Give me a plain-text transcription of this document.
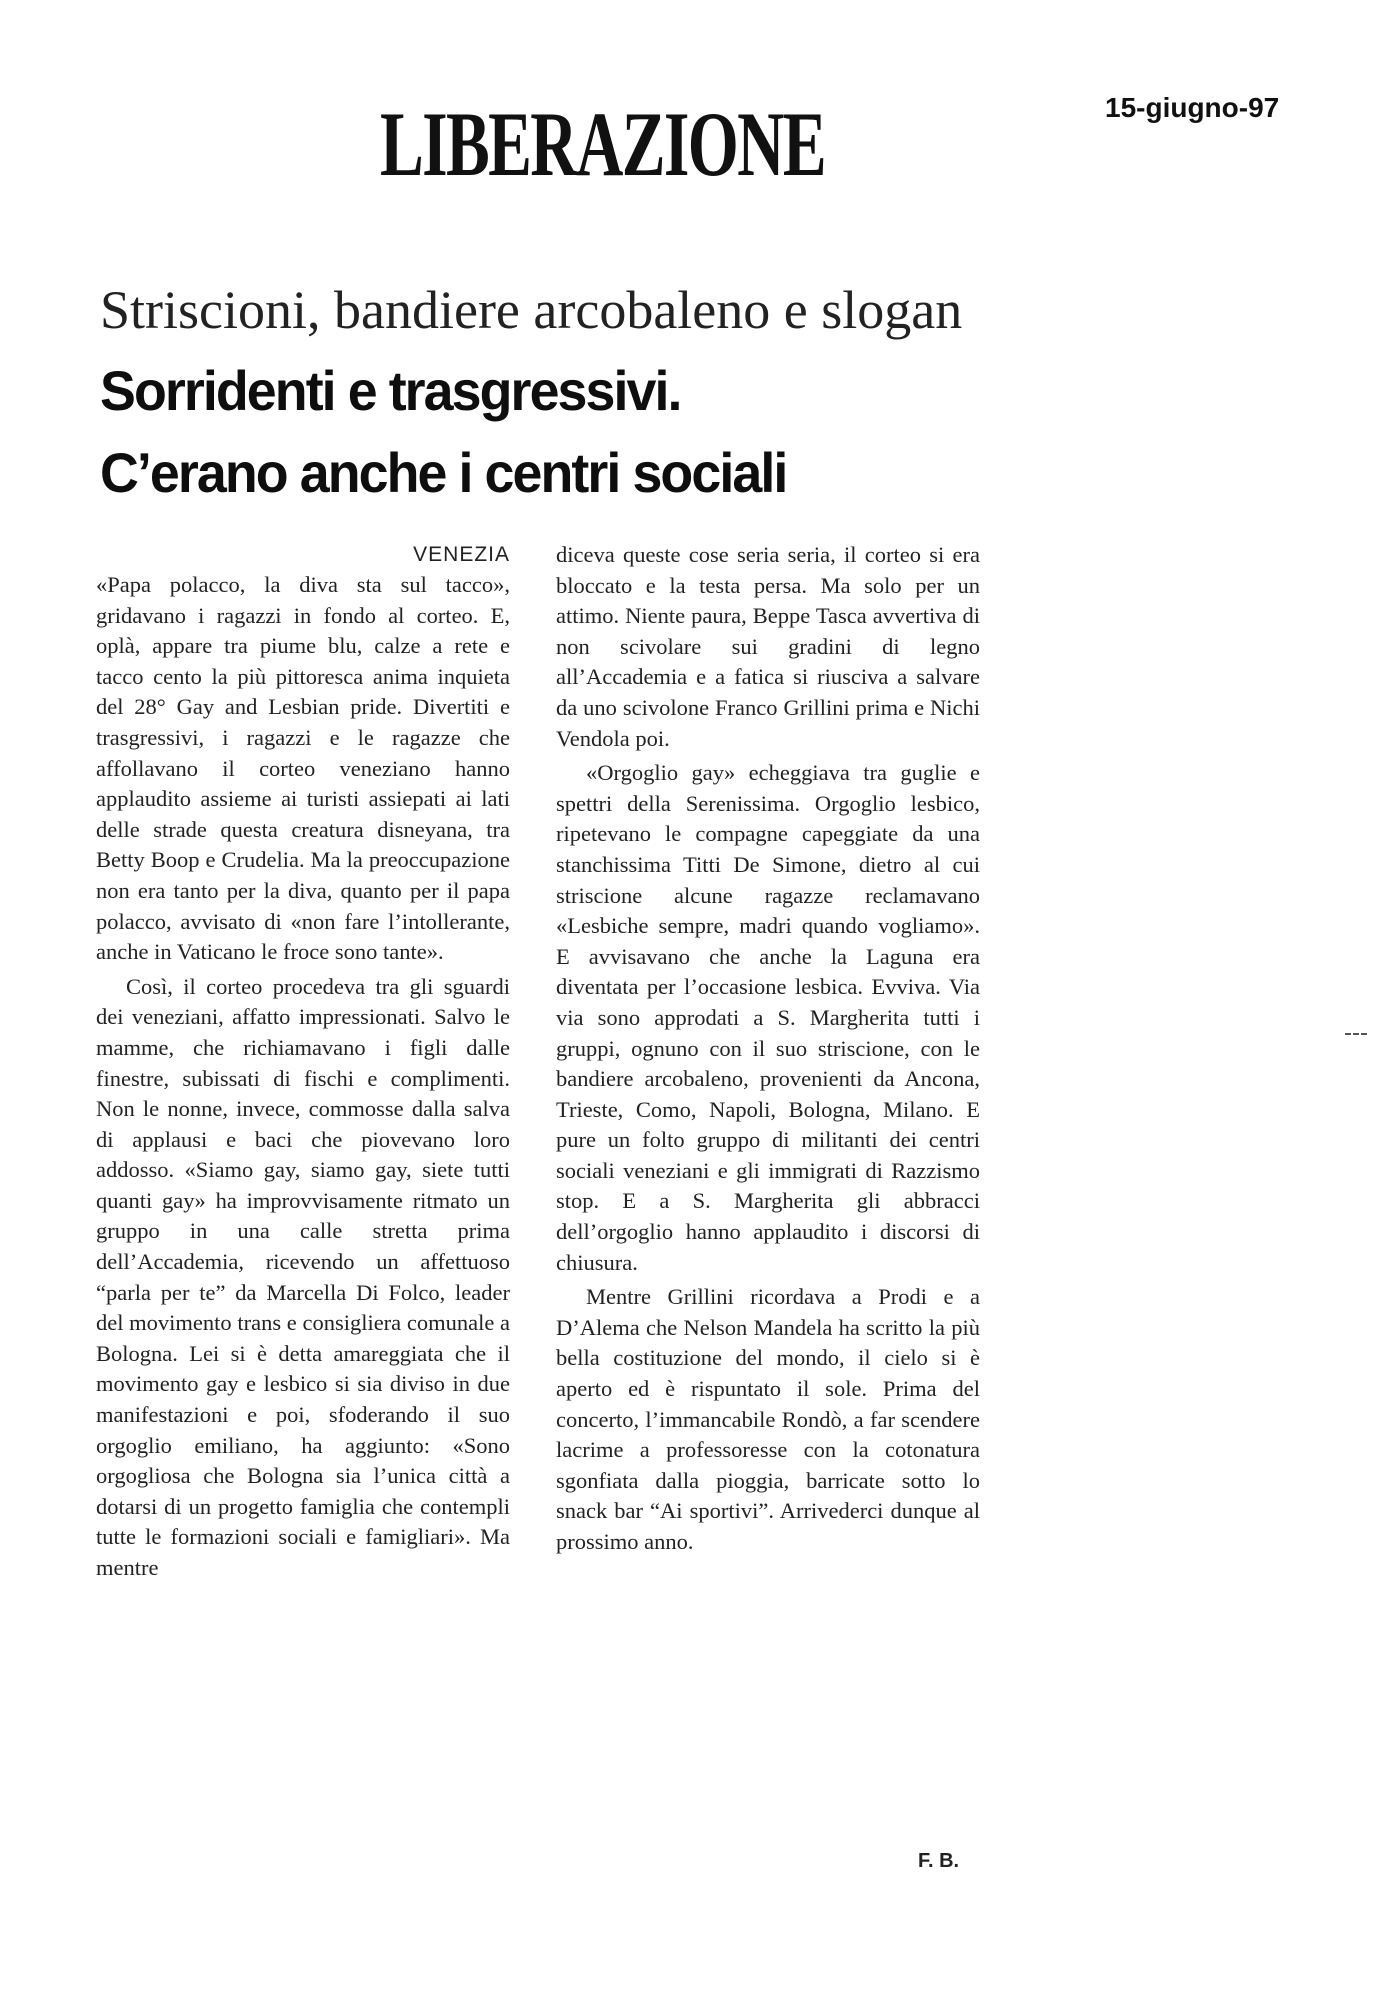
LIBERAZIONE	15-giugno-97
Striscioni, bandiere arcobaleno e slogan
Sorridenti e trasgressivi.
C’erano anche i centri sociali
VENEZIA

«Papa polacco, la diva sta sul tacco», gridavano i ragazzi in fondo al corteo. E, oplà, appare tra piume blu, calze a rete e tacco cento la più pittoresca anima inquieta del 28° Gay and Lesbian pride. Divertiti e trasgressivi, i ragazzi e le ragazze che affollavano il corteo veneziano hanno applaudito assieme ai turisti assiepati ai lati delle strade questa creatura disneyana, tra Betty Boop e Crudelia. Ma la preoccupazione non era tanto per la diva, quanto per il papa polacco, avvisato di «non fare l’intollerante, anche in Vaticano le froce sono tante».

Così, il corteo procedeva tra gli sguardi dei veneziani, affatto impressionati. Salvo le mamme, che richiamavano i figli dalle finestre, subissati di fischi e complimenti. Non le nonne, invece, commosse dalla salva di applausi e baci che piovevano loro addosso. «Siamo gay, siamo gay, siete tutti quanti gay» ha improvvisamente ritmato un gruppo in una calle stretta prima dell’Accademia, ricevendo un affettuoso “parla per te” da Marcella Di Folco, leader del movimento trans e consigliera comunale a Bologna. Lei si è detta amareggiata che il movimento gay e lesbico si sia diviso in due manifestazioni e poi, sfoderando il suo orgoglio emiliano, ha aggiunto: «Sono orgogliosa che Bologna sia l’unica città a dotarsi di un progetto famiglia che contempli tutte le formazioni sociali e famigliari». Ma mentre

diceva queste cose seria seria, il corteo si era bloccato e la testa persa. Ma solo per un attimo. Niente paura, Beppe Tasca avvertiva di non scivolare sui gradini di legno all’Accademia e a fatica si riusciva a salvare da uno scivolone Franco Grillini prima e Nichi Vendola poi.

«Orgoglio gay» echeggiava tra guglie e spettri della Serenissima. Orgoglio lesbico, ripetevano le compagne capeggiate da una stanchissima Titti De Simone, dietro al cui striscione alcune ragazze reclamavano «Lesbiche sempre, madri quando vogliamo». E avvisavano che anche la Laguna era diventata per l’occasione lesbica. Evviva. Via via sono approdati a S. Margherita tutti i gruppi, ognuno con il suo striscione, con le bandiere arcobaleno, provenienti da Ancona, Trieste, Como, Napoli, Bologna, Milano. E pure un folto gruppo di militanti dei centri sociali veneziani e gli immigrati di Razzismo stop. E a S. Margherita gli abbracci dell’orgoglio hanno applaudito i discorsi di chiusura.

Mentre Grillini ricordava a Prodi e a D’Alema che Nelson Mandela ha scritto la più bella costituzione del mondo, il cielo si è aperto ed è rispuntato il sole. Prima del concerto, l’immancabile Rondò, a far scendere lacrime a professoresse con la cotonatura sgonfiata dalla pioggia, barricate sotto lo snack bar “Ai sportivi”. Arrivederci dunque al prossimo anno.

F. B.
